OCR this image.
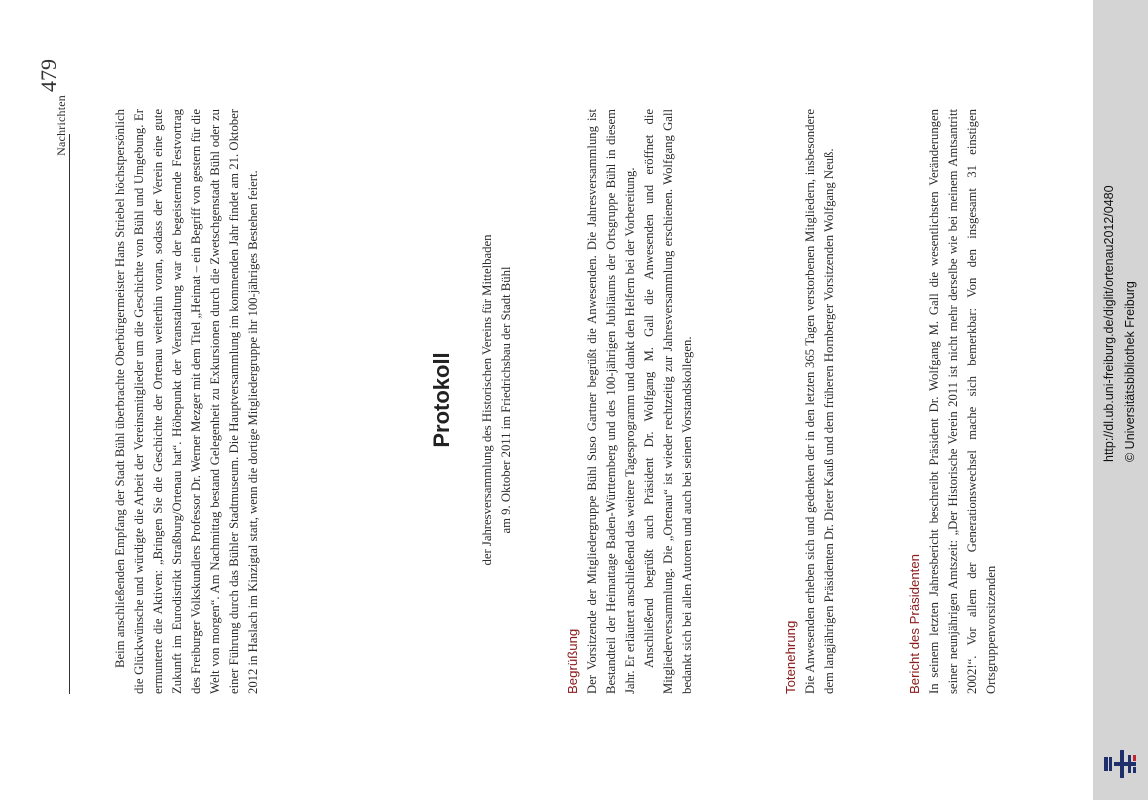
Nachrichten
479

Beim anschließenden Empfang der Stadt Bühl überbrachte Oberbürgermeister Hans Striebel höchstpersönlich die Glückwünsche und würdigte die Arbeit der Vereinsmitglieder um die Geschichte von Bühl und Umgebung. Er ermunterte die Aktiven: „Bringen Sie die Geschichte der Ortenau weiterhin voran, sodass der Verein eine gute Zukunft im Eurodistrikt Straßburg/Ortenau hat“. Höhepunkt der Veranstaltung war der begeisternde Festvortrag des Freiburger Volkskundlers Professor Dr. Werner Mezger mit dem Titel „Heimat – ein Begriff von gestern für die Welt von morgen“. Am Nachmittag bestand Gelegenheit zu Exkursionen durch die Zwetschgenstadt Bühl oder zu einer Führung durch das Bühler Stadtmuseum. Die Hauptversammlung im kommenden Jahr findet am 21. Oktober 2012 in Haslach im Kinzigtal statt, wenn die dortige Mitgliedergruppe ihr 100-jähriges Bestehen feiert.	Protokoll der Jahresversammlung des Historischen Vereins für Mittelbaden am 9. Oktober 2011 im Friedrichsbau der Stadt Bühl
Begrüßung Der Vorsitzende der Mitgliedergruppe Bühl Suso Gartner begrüßt die Anwesenden. Die Jahresversammlung ist Bestandteil der Heimattage Baden-Württemberg und des 100-jährigen Jubiläums der Ortsgruppe Bühl in diesem Jahr. Er erläutert anschließend das weitere Tagesprogramm und dankt den Helfern bei der Vorbereitung. Anschließend begrüßt auch Präsident Dr. Wolfgang M. Gall die Anwesenden und eröffnet die Mitgliederversammlung. Die „Ortenau“ ist wieder rechtzeitig zur Jahresversammlung erschienen. Wolfgang Gall bedankt sich bei allen Autoren und auch bei seinen Vorstandskollegen.	Totenehrung Die Anwesenden erheben sich und gedenken der in den letzten 365 Tagen verstorbenen Mitgliedern, insbesondere dem langjährigen Präsidenten Dr. Dieter Kauß und dem früheren Hornberger Vorsitzenden Wolfgang Neuß.	Bericht des Präsidenten In seinem letzten Jahresbericht beschreibt Präsident Dr. Wolfgang M. Gall die wesentlichsten Veränderungen seiner neunjährigen Amtszeit: „Der Historische Verein 2011 ist nicht mehr derselbe wie bei meinem Amtsantritt 2002!“. Vor allem der Generationswechsel mache sich bemerkbar: Von den insgesamt 31 einstigen Ortsgruppenvorsitzenden

http://dl.ub.uni-freiburg.de/diglit/ortenau2012/0480 © Universitätsbibliothek Freiburg
